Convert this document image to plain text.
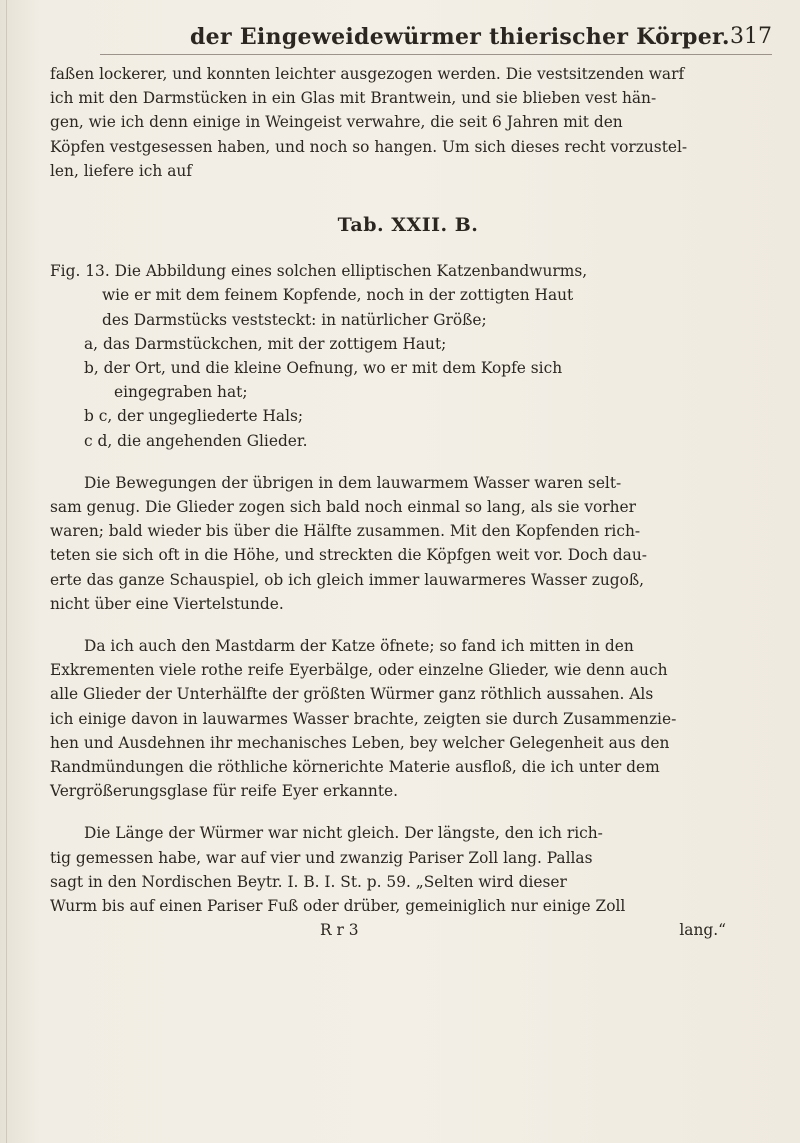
der Eingeweidewürmer thierischer Körper. 317
faßen lockerer, und konnten leichter ausgezogen werden. Die vestsitzenden warf
ich mit den Darmstücken in ein Glas mit Brantwein, und sie blieben vest hän-
gen, wie ich denn einige in Weingeist verwahre, die seit 6 Jahren mit den
Köpfen vestgesessen haben, und noch so hangen. Um sich dieses recht vorzustel-
len, liefere ich auf
Tab. XXII. B.
Fig. 13. Die Abbildung eines solchen elliptischen Katzenbandwurms,
wie er mit dem feinem Kopfende, noch in der zottigten Haut
des Darmstücks veststeckt: in natürlicher Größe;
a, das Darmstückchen, mit der zottigem Haut;
b, der Ort, und die kleine Oefnung, wo er mit dem Kopfe sich
eingegraben hat;
b c, der ungegliederte Hals;
c d, die angehenden Glieder.
Die Bewegungen der übrigen in dem lauwarmem Wasser waren selt-
sam genug. Die Glieder zogen sich bald noch einmal so lang, als sie vorher
waren; bald wieder bis über die Hälfte zusammen. Mit den Kopfenden rich-
teten sie sich oft in die Höhe, und streckten die Köpfgen weit vor. Doch dau-
erte das ganze Schauspiel, ob ich gleich immer lauwarmeres Wasser zugoß,
nicht über eine Viertelstunde.
Da ich auch den Mastdarm der Katze öfnete; so fand ich mitten in den
Exkrementen viele rothe reife Eyerbälge, oder einzelne Glieder, wie denn auch
alle Glieder der Unterhälfte der größten Würmer ganz röthlich aussahen. Als
ich einige davon in lauwarmes Wasser brachte, zeigten sie durch Zusammenzie-
hen und Ausdehnen ihr mechanisches Leben, bey welcher Gelegenheit aus den
Randmündungen die röthliche körnerichte Materie ausfloß, die ich unter dem
Vergrößerungsglase für reife Eyer erkannte.
Die Länge der Würmer war nicht gleich. Der längste, den ich rich-
tig gemessen habe, war auf vier und zwanzig Pariser Zoll lang. Pallas
sagt in den Nordischen Beytr. I. B. I. St. p. 59. „Selten wird dieser
Wurm bis auf einen Pariser Fuß oder drüber, gemeiniglich nur einige Zoll
R r 3	lang.“
